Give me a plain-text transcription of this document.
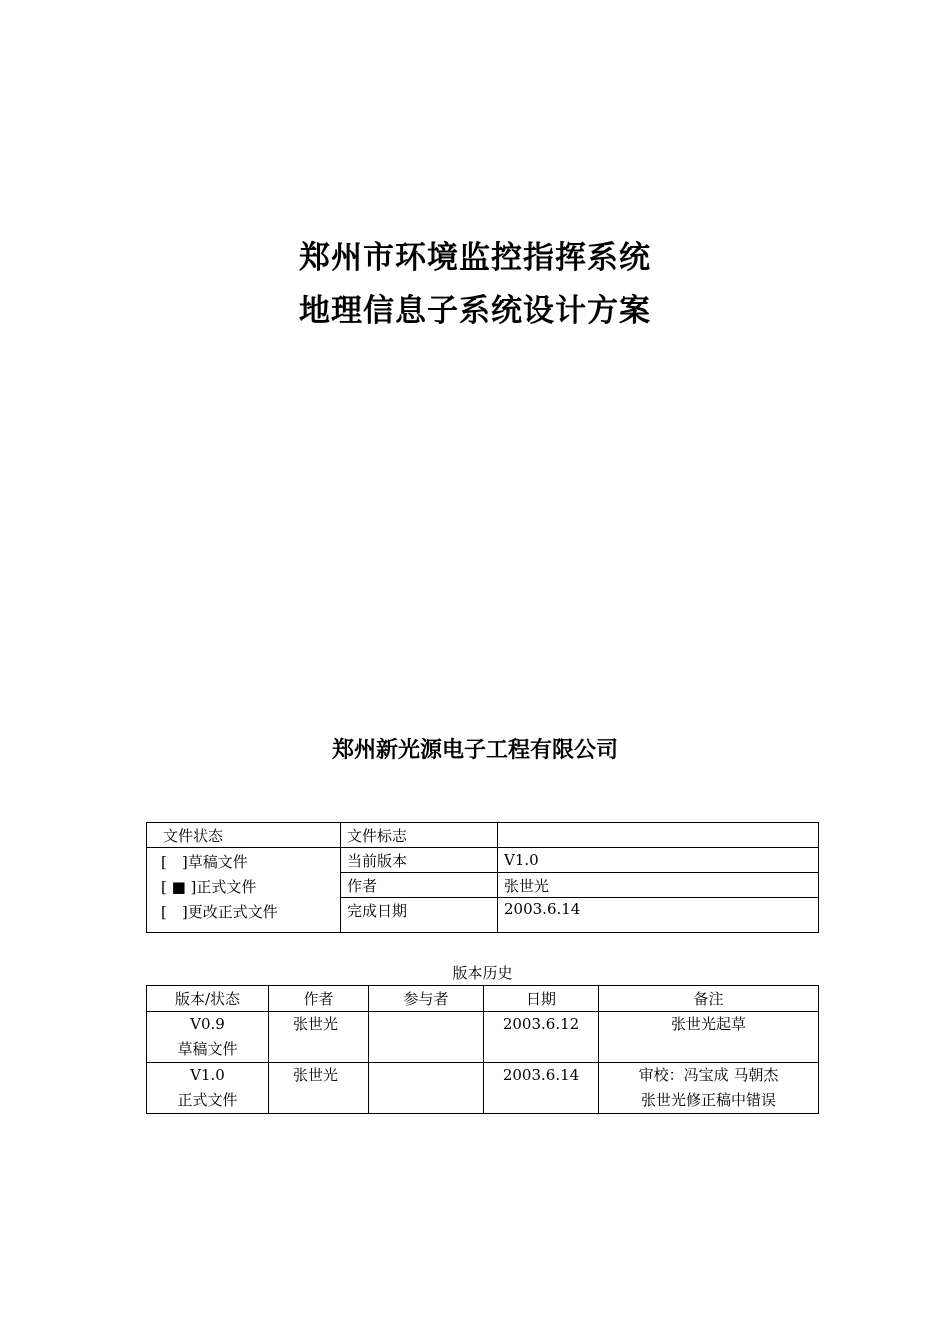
郑州市环境监控指挥系统
地理信息子系统设计方案
郑州新光源电子工程有限公司
文件状态	文件标志	

[　]草稿文件
[ ■ ]正式文件
[　]更改正式文件	当前版本	V1.0
	作者	张世光
	完成日期	2003.6.14
版本历史
版本/状态	作者	参与者	日期	备注

V0.9
草稿文件	张世光		2003.6.12	张世光起草

V1.0
正式文件	张世光		2003.6.14	审校：冯宝成 马朝杰
张世光修正稿中错误
